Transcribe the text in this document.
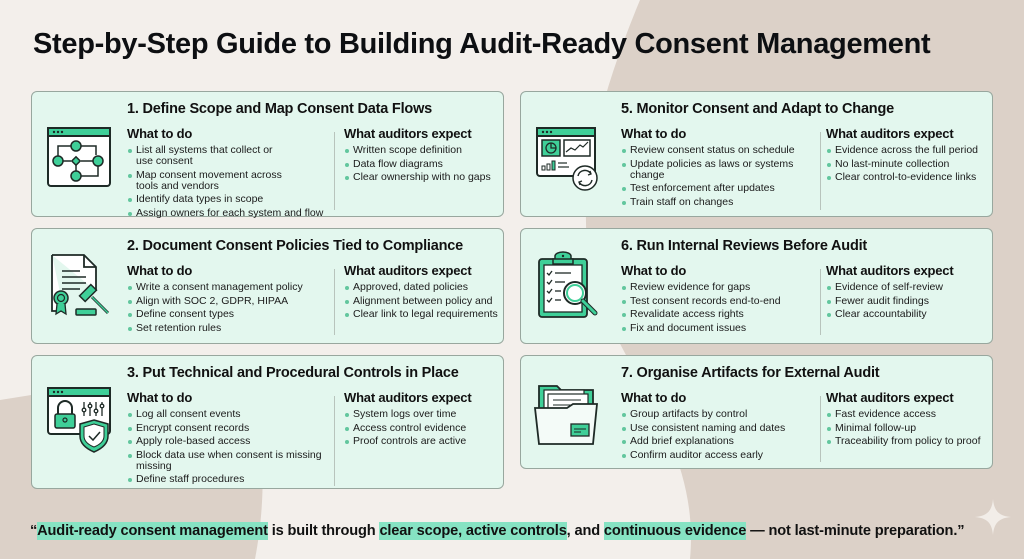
Step-by-Step Guide to Building Audit-Ready Consent Management
1. Define Scope and Map Consent Data Flows
What to do
List all systems that collect or use consent
Map consent movement across tools and vendors
Identify data types in scope
Assign owners for each system and flow
What auditors expect
Written scope definition
Data flow diagrams
Clear ownership with no gaps
2. Document Consent Policies Tied to Compliance
What to do
Write a consent management policy
Align with SOC 2, GDPR, HIPAA
Define consent types
Set retention rules
What auditors expect
Approved, dated policies
Alignment between policy and
Clear link to legal requirements
3. Put Technical and Procedural Controls in Place
What to do
Log all consent events
Encrypt consent records
Apply role-based access
Block data use when consent is missing missing
Define staff procedures
What auditors expect
System logs over time
Access control evidence
Proof controls are active
5. Monitor Consent and Adapt to Change
What to do
Review consent status on schedule
Update policies as laws or systems change
Test enforcement after updates
Train staff on changes
What auditors expect
Evidence across the full period
No last-minute collection
Clear control-to-evidence links
6. Run Internal Reviews Before Audit
What to do
Review evidence for gaps
Test consent records end-to-end
Revalidate access rights
Fix and document issues
What auditors expect
Evidence of self-review
Fewer audit findings
Clear accountability
7. Organise Artifacts for External Audit
What to do
Group artifacts by control
Use consistent naming and dates
Add brief explanations
Confirm auditor access early
What auditors expect
Fast evidence access
Minimal follow-up
Traceability from policy to proof
“Audit-ready consent management is built through clear scope, active controls, and continuous evidence — not last-minute preparation.”
